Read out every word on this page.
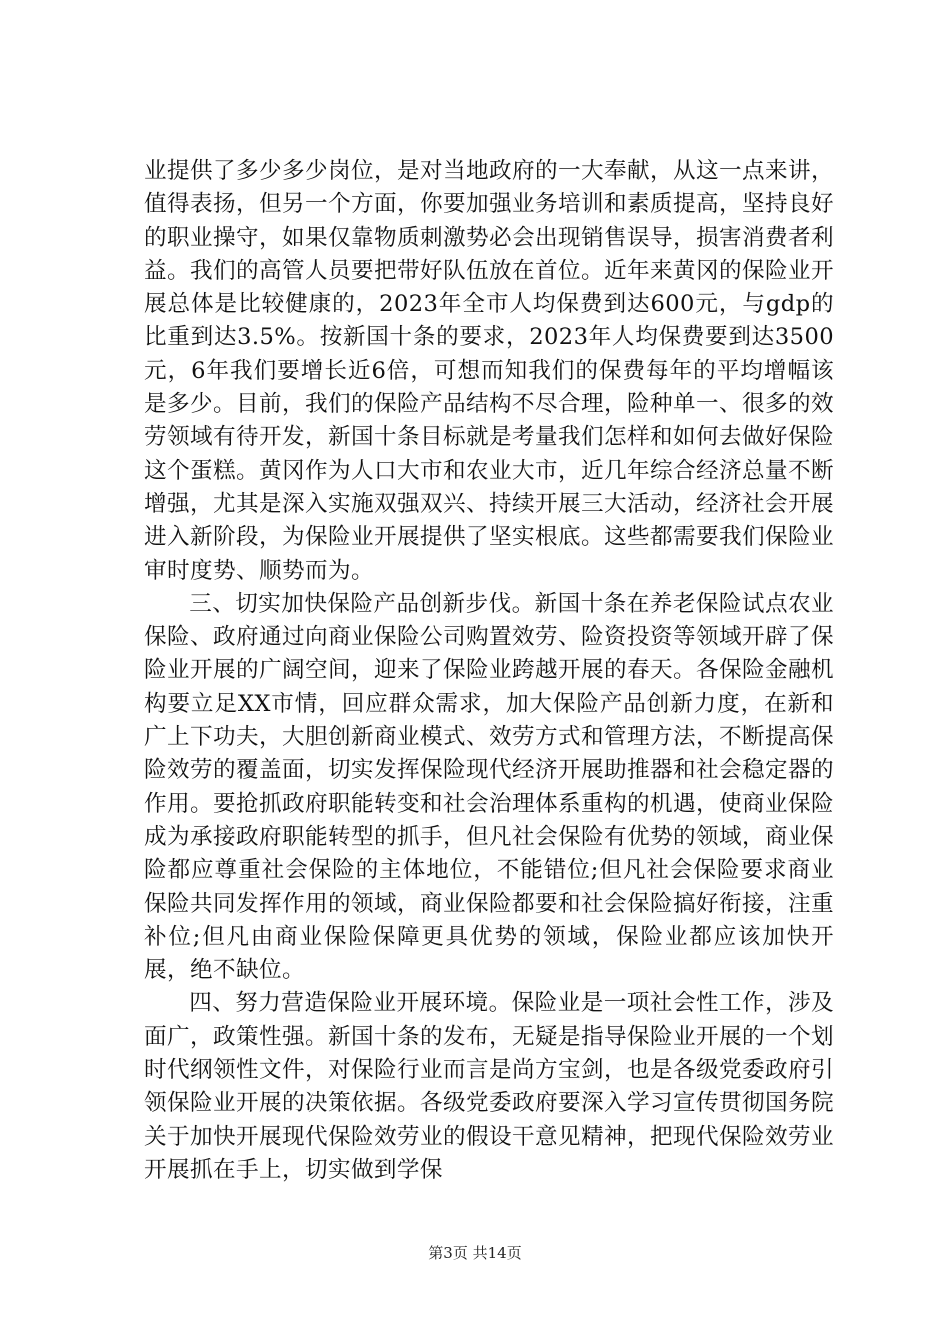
业提供了多少多少岗位，是对当地政府的一大奉献，从这一点来讲，值得表扬，但另一个方面，你要加强业务培训和素质提高，坚持良好的职业操守，如果仅靠物质刺激势必会出现销售误导，损害消费者利益。我们的高管人员要把带好队伍放在首位。近年来黄冈的保险业开展总体是比较健康的，2023年全市人均保费到达600元，与gdp的比重到达3.5%。按新国十条的要求，2023年人均保费要到达3500元，6年我们要增长近6倍，可想而知我们的保费每年的平均增幅该是多少。目前，我们的保险产品结构不尽合理，险种单一、很多的效劳领域有待开发，新国十条目标就是考量我们怎样和如何去做好保险这个蛋糕。黄冈作为人口大市和农业大市，近几年综合经济总量不断增强，尤其是深入实施双强双兴、持续开展三大活动，经济社会开展进入新阶段，为保险业开展提供了坚实根底。这些都需要我们保险业审时度势、顺势而为。

三、切实加快保险产品创新步伐。新国十条在养老保险试点农业保险、政府通过向商业保险公司购置效劳、险资投资等领域开辟了保险业开展的广阔空间，迎来了保险业跨越开展的春天。各保险金融机构要立足XX市情，回应群众需求，加大保险产品创新力度，在新和广上下功夫，大胆创新商业模式、效劳方式和管理方法，不断提高保险效劳的覆盖面，切实发挥保险现代经济开展助推器和社会稳定器的作用。要抢抓政府职能转变和社会治理体系重构的机遇，使商业保险成为承接政府职能转型的抓手，但凡社会保险有优势的领域，商业保险都应尊重社会保险的主体地位，不能错位;但凡社会保险要求商业保险共同发挥作用的领域，商业保险都要和社会保险搞好衔接，注重补位;但凡由商业保险保障更具优势的领域，保险业都应该加快开展，绝不缺位。

四、努力营造保险业开展环境。保险业是一项社会性工作，涉及面广，政策性强。新国十条的发布，无疑是指导保险业开展的一个划时代纲领性文件，对保险行业而言是尚方宝剑，也是各级党委政府引领保险业开展的决策依据。各级党委政府要深入学习宣传贯彻国务院关于加快开展现代保险效劳业的假设干意见精神，把现代保险效劳业开展抓在手上，切实做到学保

第3页 共14页
